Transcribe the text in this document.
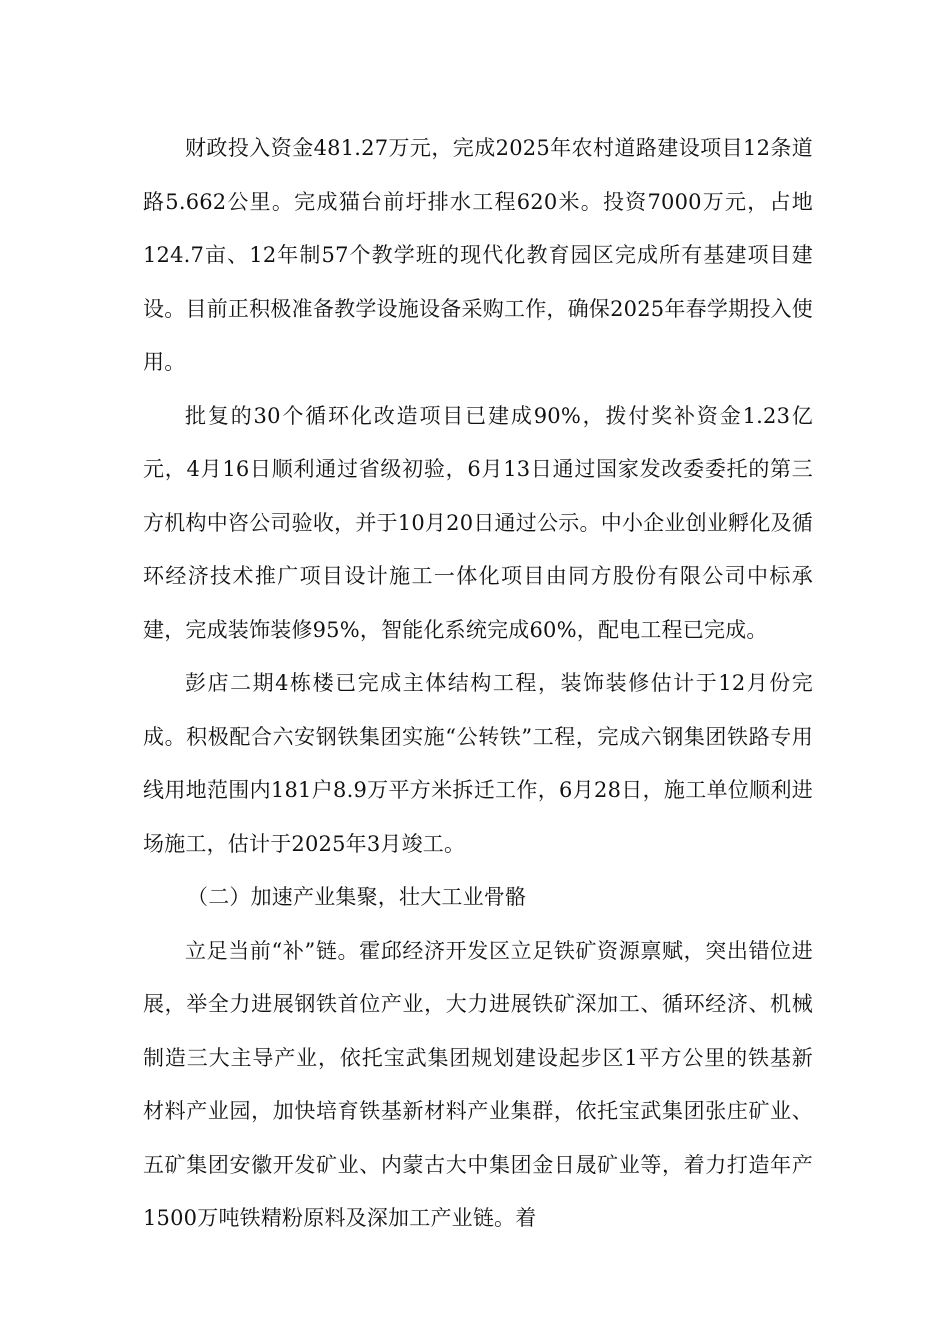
财政投入资金481.27万元，完成2025年农村道路建设项目12条道路5.662公里。完成猫台前圩排水工程620米。投资7000万元，占地124.7亩、12年制57个教学班的现代化教育园区完成所有基建项目建设。目前正积极准备教学设施设备采购工作，确保2025年春学期投入使用。

批复的30个循环化改造项目已建成90%，拨付奖补资金1.23亿元，4月16日顺利通过省级初验，6月13日通过国家发改委委托的第三方机构中咨公司验收，并于10月20日通过公示。中小企业创业孵化及循环经济技术推广项目设计施工一体化项目由同方股份有限公司中标承建，完成装饰装修95%，智能化系统完成60%，配电工程已完成。

彭店二期4栋楼已完成主体结构工程，装饰装修估计于12月份完成。积极配合六安钢铁集团实施“公转铁”工程，完成六钢集团铁路专用线用地范围内181户8.9万平方米拆迁工作，6月28日，施工单位顺利进场施工，估计于2025年3月竣工。

（二）加速产业集聚，壮大工业骨骼

立足当前“补”链。霍邱经济开发区立足铁矿资源禀赋，突出错位进展，举全力进展钢铁首位产业，大力进展铁矿深加工、循环经济、机械制造三大主导产业，依托宝武集团规划建设起步区1平方公里的铁基新材料产业园，加快培育铁基新材料产业集群，依托宝武集团张庄矿业、五矿集团安徽开发矿业、内蒙古大中集团金日晟矿业等，着力打造年产1500万吨铁精粉原料及深加工产业链。着
